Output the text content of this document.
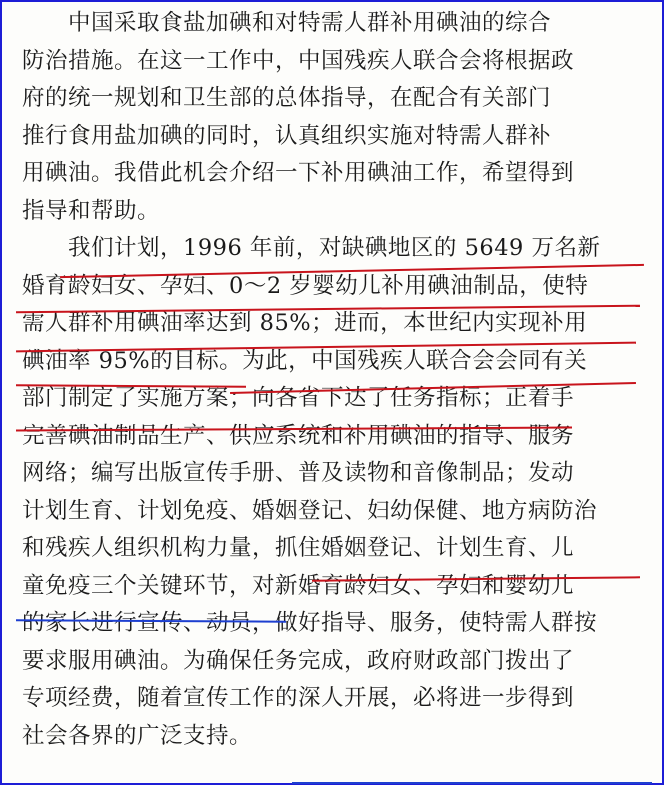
　　中国采取食盐加碘和对特需人群补用碘油的综合
防治措施。在这一工作中，中国残疾人联合会将根据政
府的统一规划和卫生部的总体指导，在配合有关部门
推行食用盐加碘的同时，认真组织实施对特需人群补
用碘油。我借此机会介绍一下补用碘油工作，希望得到
指导和帮助。
　　我们计划，1996 年前，对缺碘地区的 5649 万名新
婚育龄妇女、孕妇、0～2 岁婴幼儿补用碘油制品，使特
需人群补用碘油率达到 85%；进而，本世纪内实现补用
碘油率 95%的目标。为此，中国残疾人联合会会同有关
部门制定了实施方案；向各省下达了任务指标；正着手
完善碘油制品生产、供应系统和补用碘油的指导、服务
网络；编写出版宣传手册、普及读物和音像制品；发动
计划生育、计划免疫、婚姻登记、妇幼保健、地方病防治
和残疾人组织机构力量，抓住婚姻登记、计划生育、儿
童免疫三个关键环节，对新婚育龄妇女、孕妇和婴幼儿
的家长进行宣传、动员，做好指导、服务，使特需人群按
要求服用碘油。为确保任务完成，政府财政部门拨出了
专项经费，随着宣传工作的深人开展，必将进一步得到
社会各界的广泛支持。
